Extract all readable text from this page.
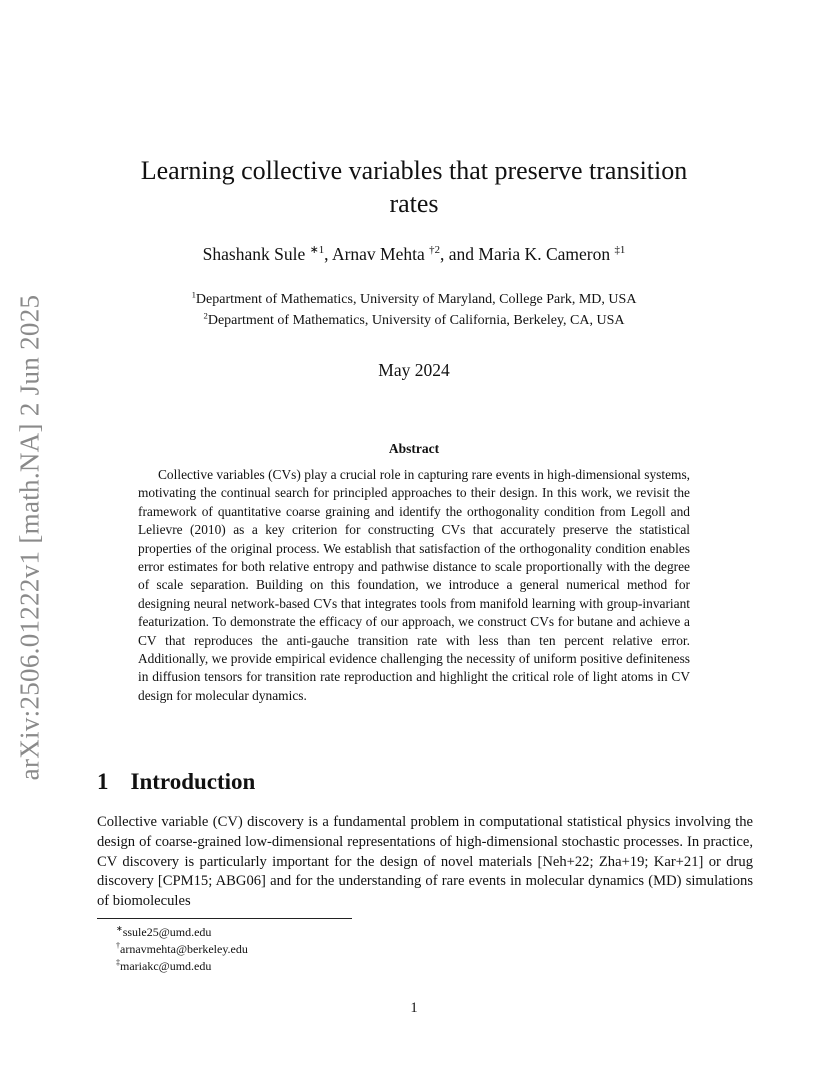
arXiv:2506.01222v1 [math.NA] 2 Jun 2025
Learning collective variables that preserve transition
rates
Shashank Sule $^{∗1}$, Arnav Mehta $^{\dagger 2}$, and Maria K. Cameron $^{\ddagger 1}$
$^1$Department of Mathematics, University of Maryland, College Park, MD, USA
$^2$Department of Mathematics, University of California, Berkeley, CA, USA
May 2024
Abstract

Collective variables (CVs) play a crucial role in capturing rare events in high-dimensional systems, motivating the continual search for principled approaches to their design. In this work, we revisit the framework of quantitative coarse graining and identify the orthogonality condition from Legoll and Lelievre (2010) as a key criterion for constructing CVs that accurately preserve the statistical properties of the original process. We establish that satisfaction of the orthogonality condition enables error estimates for both relative entropy and pathwise distance to scale proportionally with the degree of scale separation. Building on this foundation, we introduce a general numerical method for designing neural network-based CVs that integrates tools from manifold learning with group-invariant featurization. To demonstrate the efficacy of our approach, we construct CVs for butane and achieve a CV that reproduces the anti-gauche transition rate with less than ten percent relative error. Additionally, we provide empirical evidence challenging the necessity of uniform positive definiteness in diffusion tensors for transition rate reproduction and highlight the critical role of light atoms in CV design for molecular dynamics.

1 Introduction

Collective variable (CV) discovery is a fundamental problem in computational statistical physics involving the design of coarse-grained low-dimensional representations of high-dimensional stochastic processes. In practice, CV discovery is particularly important for the design of novel materials [Neh+22; Zha+19; Kar+21] or drug discovery [CPM15; ABG06] and for the understanding of rare events in molecular dynamics (MD) simulations of biomolecules

∗ssule25@umd.edu
†arnavmehta@berkeley.edu
‡mariakc@umd.edu
1
